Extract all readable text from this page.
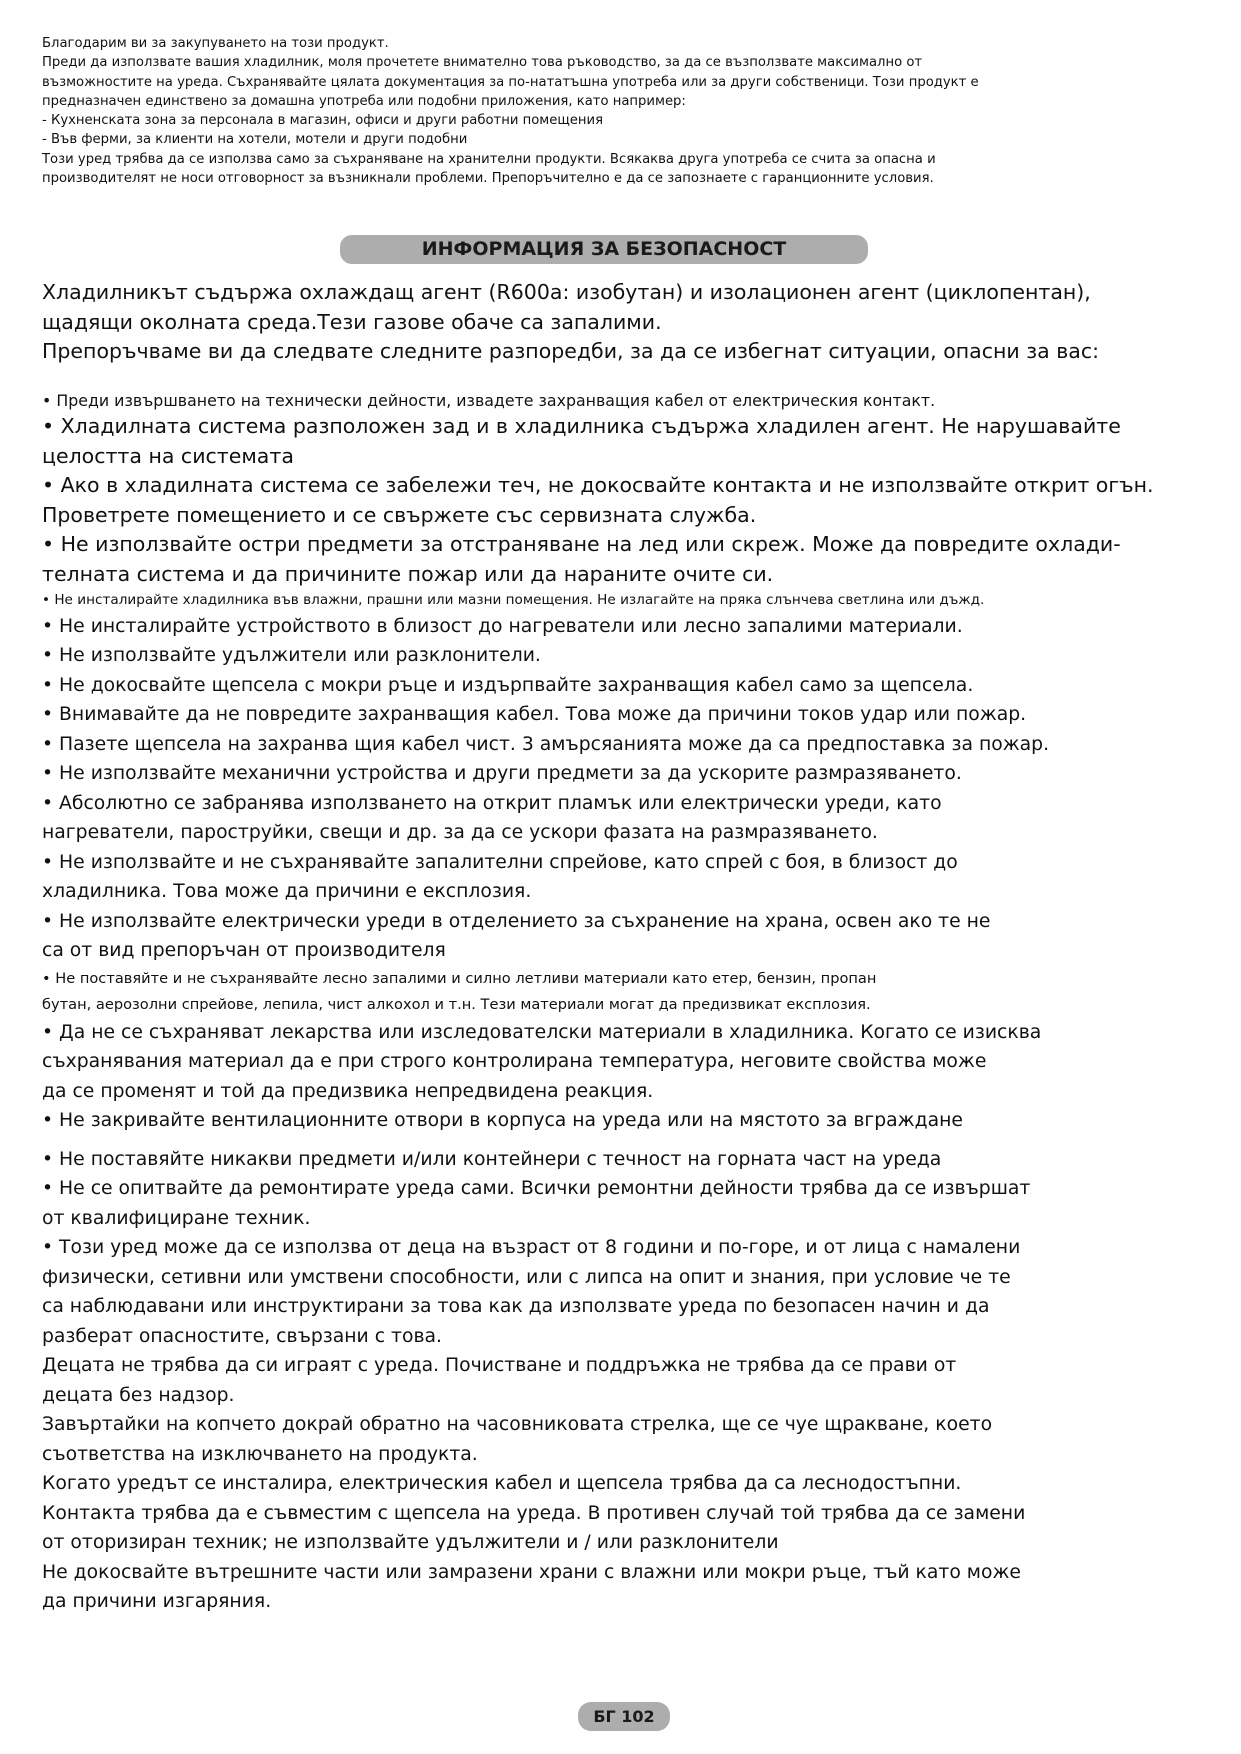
Благодарим ви за закупуването на този продукт.

Преди да използвате вашия хладилник, моля прочетете внимателно това ръководство, за да се възползвате максимално от

възможностите на уреда. Съхранявайте цялата документация за по-нататъшна употреба или за други собственици. Този продукт е

предназначен единствено за домашна употреба или подобни приложения, като например:

- Кухненската зона за персонала в магазин, офиси и други работни помещения

- Във ферми, за клиенти на хотели, мотели и други подобни

Този уред трябва да се използва само за съхраняване на хранителни продукти. Всякаква друга употреба се счита за опасна и

производителят не носи отговорност за възникнали проблеми. Препоръчително е да се запознаете с гаранционните условия.

ИНФОРМАЦИЯ ЗА БЕЗОПАСНОСТ

Хладилникът съдържа охлаждащ агент (R600a: изобутан) и изолационен агент (циклопентан),

щадящи околната среда.Тези газове обаче са запалими.

Препоръчваме ви да следвате следните разпоредби, за да се избегнат ситуации, опасни за вас:

• Преди извършването на технически дейности, извадете захранващия кабел от електрическия контакт.

• Хладилната система разположен зад и в хладилника съдържа хладилен агент. Не нарушавайте

целостта на системата

• Ако в хладилната система се забележи теч, не докосвайте контакта и не използвайте открит огън.

Проветрете помещението и се свържете със сервизната служба.

• Не използвайте остри предмети за отстраняване на лед или скреж. Може да повредите охлади-

телната система и да причините пожар или да нараните очите си.

• Не инсталирайте хладилника във влажни, прашни или мазни помещения. Не излагайте на пряка слънчева светлина или дъжд.

• Не инсталирайте устройството в близост до нагреватели или лесно запалими материали.

• Не използвайте удължители или разклонители.

• Не докосвайте щепсела с мокри ръце и издърпвайте захранващия кабел само за щепсела.

• Внимавайте да не повредите захранващия кабел. Това може да причини токов удар или пожар.

• Пазете щепсела на захранва щия кабел чист. 3 амърсяанията може да са предпоставка за пожар.

• Не използвайте механични устройства и други предмети за да ускорите размразяването.

• Абсолютно се забранява използването на открит пламък или електрически уреди, като

нагреватели, пароструйки, свещи и др. за да се ускори фазата на размразяването.

• Не използвайте и не съхранявайте запалителни спрейове, като спрей с боя, в близост до

хладилника. Това може да причини е експлозия.

• Не използвайте електрически уреди в отделението за съхранение на храна, освен ако те не

са от вид препоръчан от производителя

• Не поставяйте и не съхранявайте лесно запалими и силно летливи материали като етер, бензин, пропан

бутан, аерозолни спрейове, лепила, чист алкохол и т.н. Тези материали могат да предизвикат експлозия.

• Да не се съхраняват лекарства или изследователски материали в хладилника. Когато се изисква

съхранявания материал да е при строго контролирана температура, неговите свойства може

да се променят и той да предизвика непредвидена реакция.

• Не закривайте вентилационните отвори в корпуса на уреда или на мястото за вграждане

• Не поставяйте никакви предмети и/или контейнери с течност на горната част на уреда

• Не се опитвайте да ремонтирате уреда сами. Всички ремонтни дейности трябва да се извършат

от квалифициране техник.

• Този уред може да се използва от деца на възраст от 8 години и по-горе, и от лица с намалени

физически, сетивни или умствени способности, или с липса на опит и знания, при условие че те

са наблюдавани или инструктирани за това как да използвате уреда по безопасен начин и да

разберат опасностите, свързани с това.

Децата не трябва да си играят с уреда. Почистване и поддръжка не трябва да се прави от

децата без надзор.

Завъртайки на копчето докрай обратно на часовниковата стрелка, ще се чуе щракване, което

съответства на изключването на продукта.

Когато уредът се инсталира, електрическия кабел и щепсела трябва да са леснодостъпни.

Контакта трябва да е съвместим с щепсела на уреда. В противен случай той трябва да се замени

от оторизиран техник; не използвайте удължители и / или разклонители

Не докосвайте вътрешните части или замразени храни с влажни или мокри ръце, тъй като може

да причини изгаряния.

БГ 102
